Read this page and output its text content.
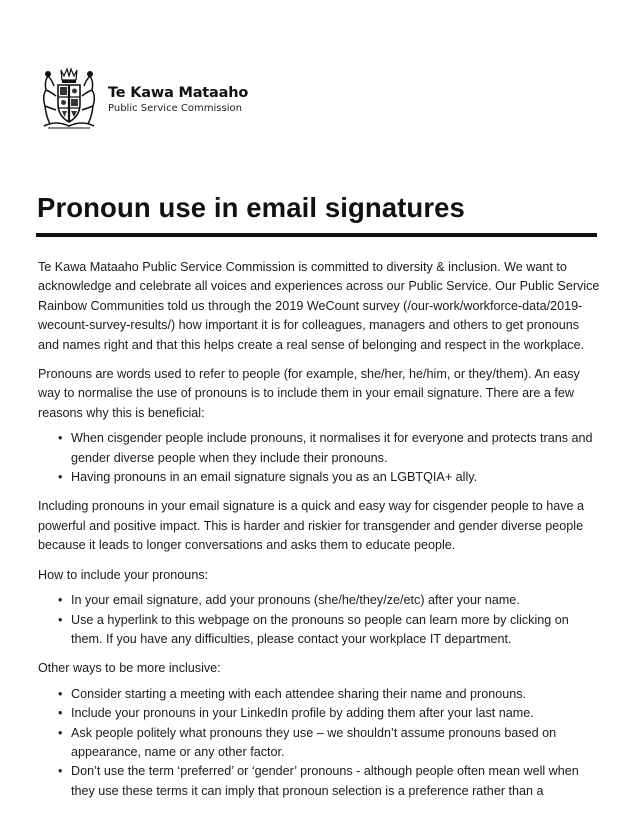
Te Kawa Mataaho
Public Service Commission
Pronoun use in email signatures

Te Kawa Mataaho Public Service Commission is committed to diversity & inclusion. We want to acknowledge and celebrate all voices and experiences across our Public Service. Our Public Service Rainbow Communities told us through the 2019 WeCount survey (/our-work/workforce-data/2019-wecount-survey-results/) how important it is for colleagues, managers and others to get pronouns and names right and that this helps create a real sense of belonging and respect in the workplace.

Pronouns are words used to refer to people (for example, she/her, he/him, or they/them). An easy way to normalise the use of pronouns is to include them in your email signature. There are a few reasons why this is beneficial:

• When cisgender people include pronouns, it normalises it for everyone and protects trans and gender diverse people when they include their pronouns.
• Having pronouns in an email signature signals you as an LGBTQIA+ ally.

Including pronouns in your email signature is a quick and easy way for cisgender people to have a powerful and positive impact. This is harder and riskier for transgender and gender diverse people because it leads to longer conversations and asks them to educate people.

How to include your pronouns:

• In your email signature, add your pronouns (she/he/they/ze/etc) after your name.
• Use a hyperlink to this webpage on the pronouns so people can learn more by clicking on them. If you have any difficulties, please contact your workplace IT department.

Other ways to be more inclusive:

• Consider starting a meeting with each attendee sharing their name and pronouns.
• Include your pronouns in your LinkedIn profile by adding them after your last name.
• Ask people politely what pronouns they use – we shouldn’t assume pronouns based on appearance, name or any other factor.
• Don’t use the term ‘preferred’ or ‘gender’ pronouns - although people often mean well when they use these terms it can imply that pronoun selection is a preference rather than a
